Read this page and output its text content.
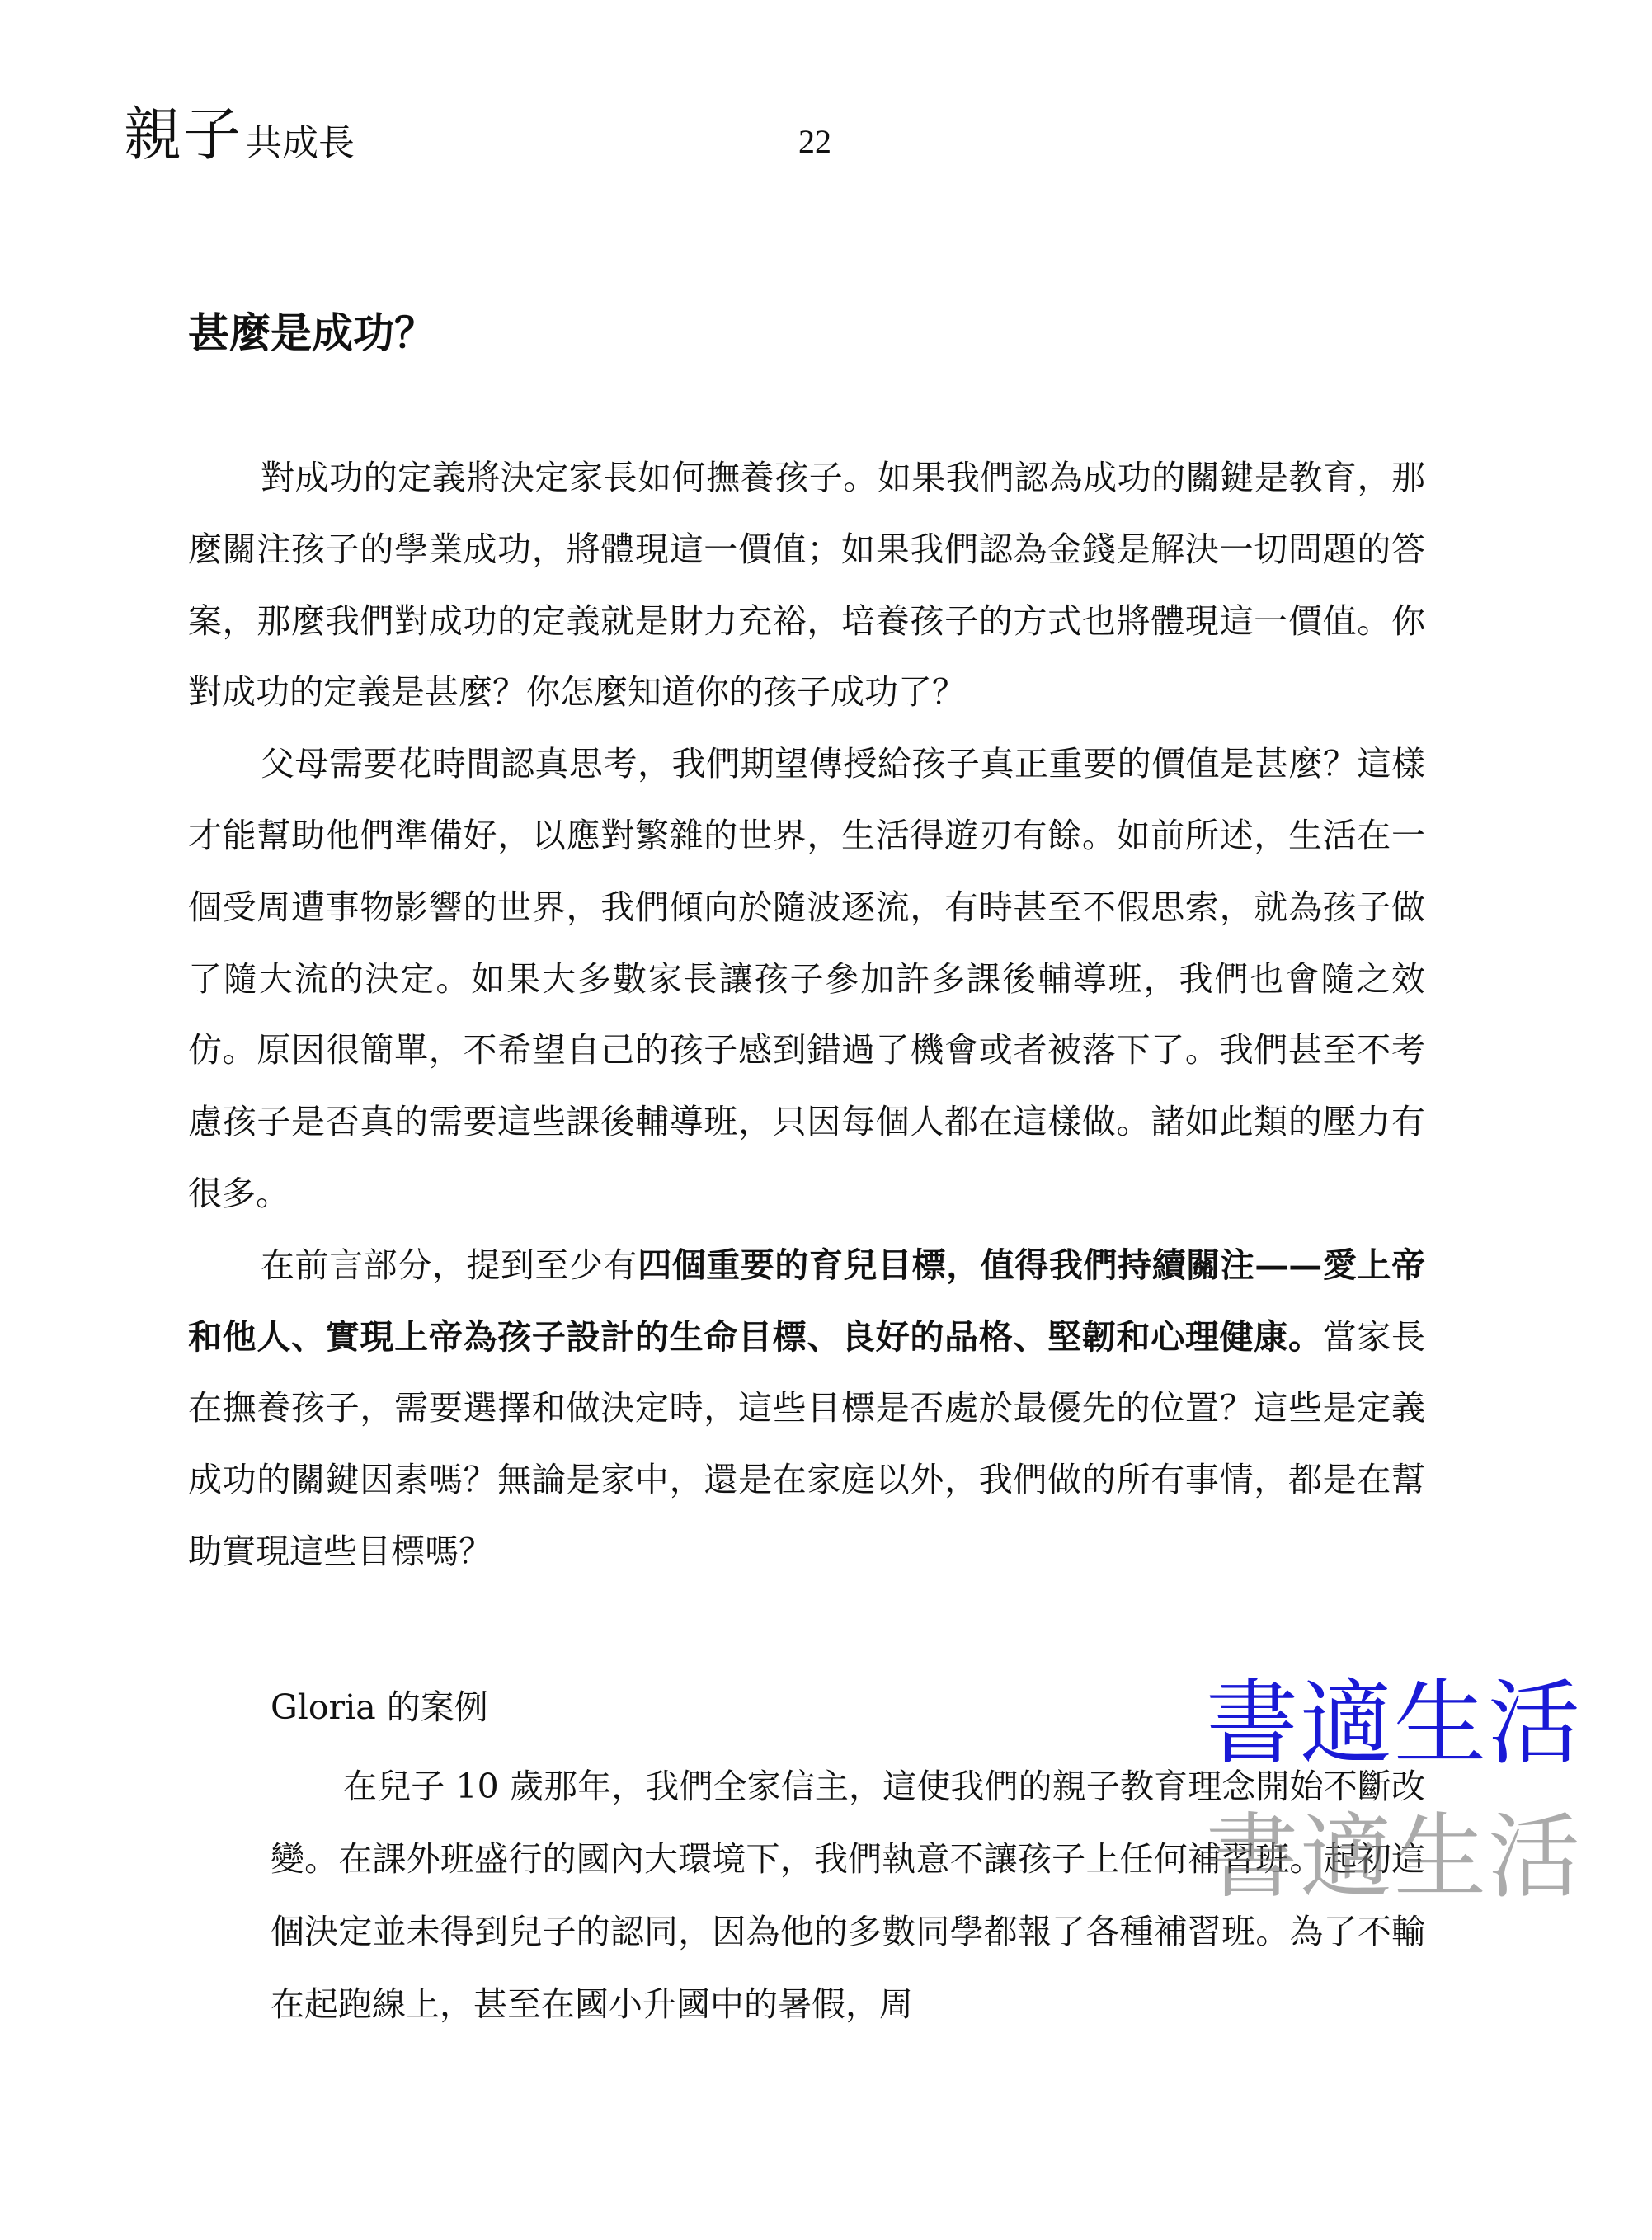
親子 共成長	22
甚麼是成功？

對成功的定義將決定家長如何撫養孩子。如果我們認為成功的關鍵是教育，那麼關注孩子的學業成功，將體現這一價值；如果我們認為金錢是解決一切問題的答案，那麼我們對成功的定義就是財力充裕，培養孩子的方式也將體現這一價值。你對成功的定義是甚麼？你怎麼知道你的孩子成功了？

父母需要花時間認真思考，我們期望傳授給孩子真正重要的價值是甚麼？這樣才能幫助他們準備好，以應對繁雜的世界，生活得遊刃有餘。如前所述，生活在一個受周遭事物影響的世界，我們傾向於隨波逐流，有時甚至不假思索，就為孩子做了隨大流的決定。如果大多數家長讓孩子參加許多課後輔導班，我們也會隨之效仿。原因很簡單，不希望自己的孩子感到錯過了機會或者被落下了。我們甚至不考慮孩子是否真的需要這些課後輔導班，只因每個人都在這樣做。諸如此類的壓力有很多。

在前言部分，提到至少有四個重要的育兒目標，值得我們持續關注——愛上帝和他人、實現上帝為孩子設計的生命目標、良好的品格、堅韌和心理健康。當家長在撫養孩子，需要選擇和做決定時，這些目標是否處於最優先的位置？這些是定義成功的關鍵因素嗎？無論是家中，還是在家庭以外，我們做的所有事情，都是在幫助實現這些目標嗎？

Gloria 的案例

在兒子 10 歲那年，我們全家信主，這使我們的親子教育理念開始不斷改變。在課外班盛行的國內大環境下，我們執意不讓孩子上任何補習班。起初這個決定並未得到兒子的認同，因為他的多數同學都報了各種補習班。為了不輸在起跑線上，甚至在國小升國中的暑假，周

書適生活
書適生活
